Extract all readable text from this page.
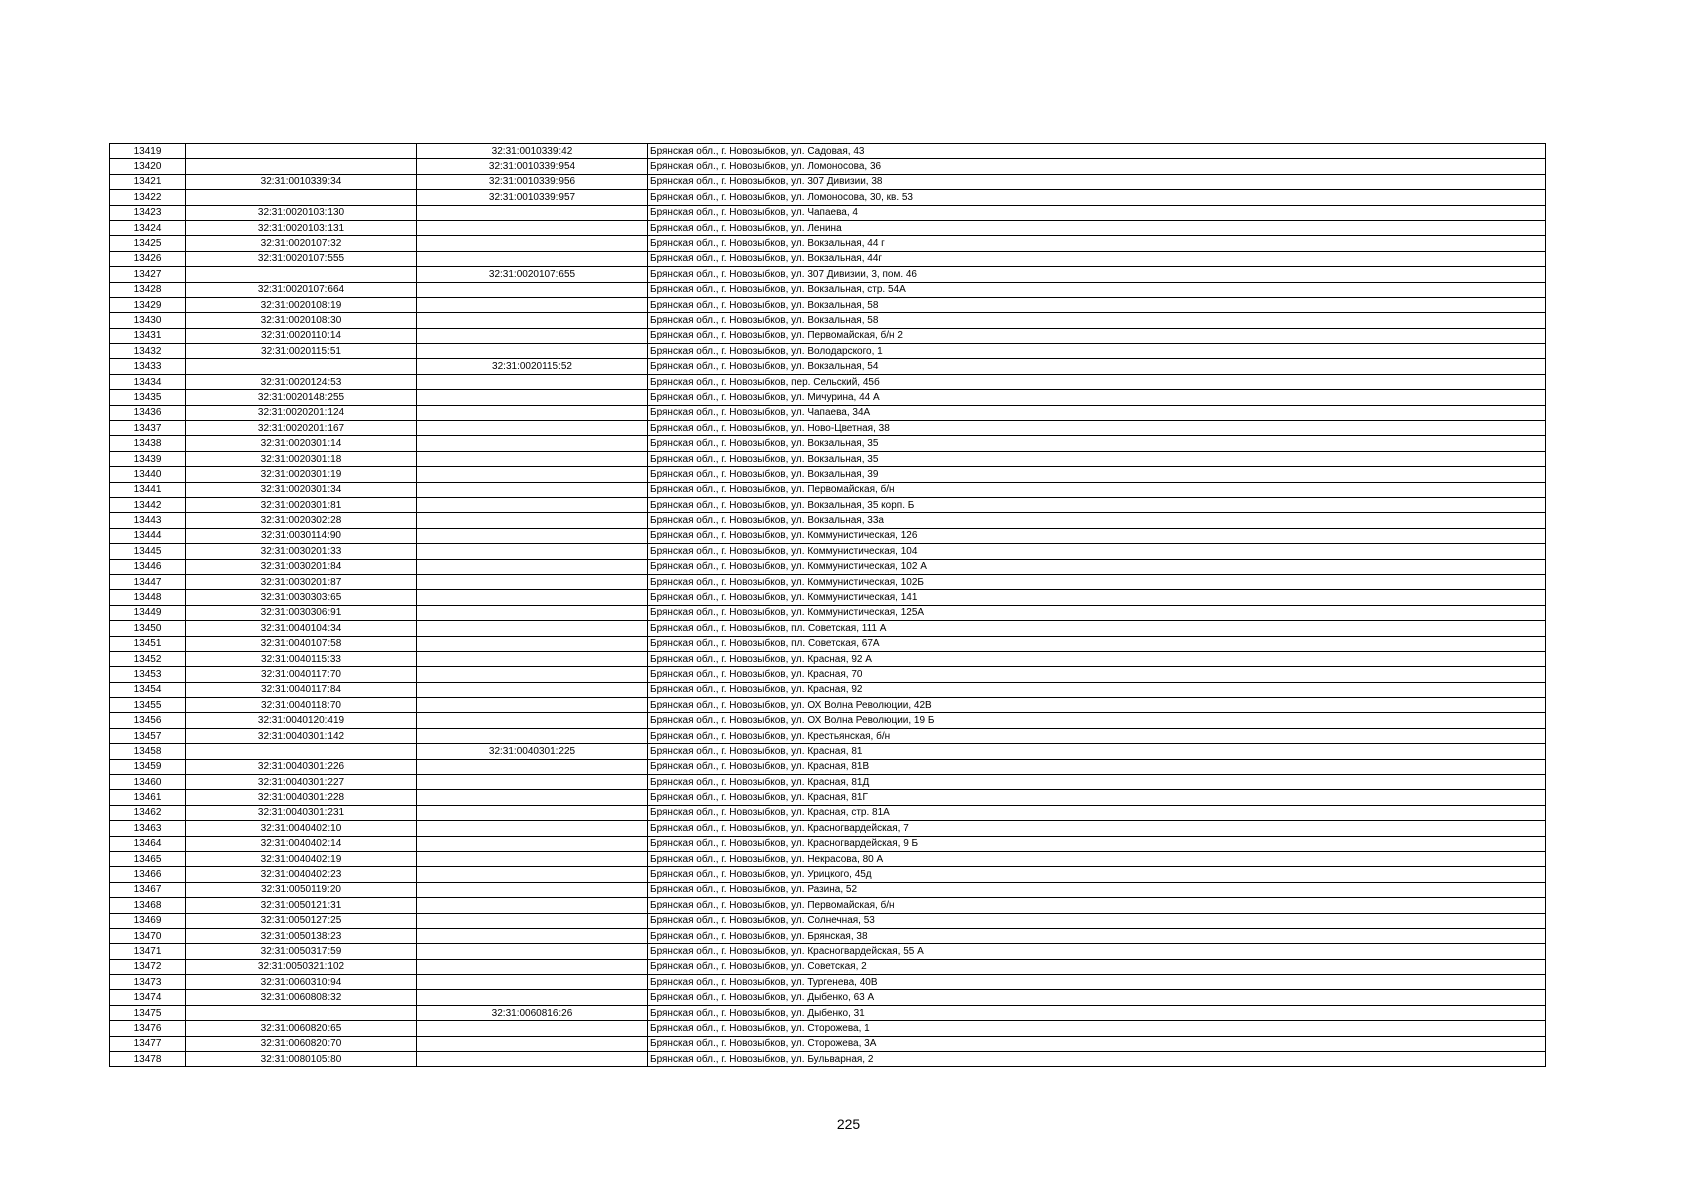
13419		32:31:0010339:42	Брянская обл., г. Новозыбков, ул. Садовая, 43
13420		32:31:0010339:954	Брянская обл., г. Новозыбков, ул. Ломоносова, 36
13421	32:31:0010339:34	32:31:0010339:956	Брянская обл., г. Новозыбков, ул. 307 Дивизии, 38
13422		32:31:0010339:957	Брянская обл., г. Новозыбков, ул. Ломоносова, 30, кв. 53
13423	32:31:0020103:130		Брянская обл., г. Новозыбков, ул. Чапаева, 4
13424	32:31:0020103:131		Брянская обл., г. Новозыбков, ул. Ленина
13425	32:31:0020107:32		Брянская обл., г. Новозыбков, ул. Вокзальная, 44 г
13426	32:31:0020107:555		Брянская обл., г. Новозыбков, ул. Вокзальная, 44г
13427		32:31:0020107:655	Брянская обл., г. Новозыбков, ул. 307 Дивизии, 3, пом. 46
13428	32:31:0020107:664		Брянская обл., г. Новозыбков, ул. Вокзальная, стр. 54А
13429	32:31:0020108:19		Брянская обл., г. Новозыбков, ул. Вокзальная, 58
13430	32:31:0020108:30		Брянская обл., г. Новозыбков, ул. Вокзальная, 58
13431	32:31:0020110:14		Брянская обл., г. Новозыбков, ул. Первомайская, б/н 2
13432	32:31:0020115:51		Брянская обл., г. Новозыбков, ул. Володарского, 1
13433		32:31:0020115:52	Брянская обл., г. Новозыбков, ул. Вокзальная, 54
13434	32:31:0020124:53		Брянская обл., г. Новозыбков, пер. Сельский, 45б
13435	32:31:0020148:255		Брянская обл., г. Новозыбков, ул. Мичурина, 44 А
13436	32:31:0020201:124		Брянская обл., г. Новозыбков, ул. Чапаева, 34А
13437	32:31:0020201:167		Брянская обл., г. Новозыбков, ул. Ново-Цветная, 38
13438	32:31:0020301:14		Брянская обл., г. Новозыбков, ул. Вокзальная, 35
13439	32:31:0020301:18		Брянская обл., г. Новозыбков, ул. Вокзальная, 35
13440	32:31:0020301:19		Брянская обл., г. Новозыбков, ул. Вокзальная, 39
13441	32:31:0020301:34		Брянская обл., г. Новозыбков, ул. Первомайская, б/н
13442	32:31:0020301:81		Брянская обл., г. Новозыбков, ул. Вокзальная, 35 корп. Б
13443	32:31:0020302:28		Брянская обл., г. Новозыбков, ул. Вокзальная, 33а
13444	32:31:0030114:90		Брянская обл., г. Новозыбков, ул. Коммунистическая, 126
13445	32:31:0030201:33		Брянская обл., г. Новозыбков, ул. Коммунистическая, 104
13446	32:31:0030201:84		Брянская обл., г. Новозыбков, ул. Коммунистическая, 102 А
13447	32:31:0030201:87		Брянская обл., г. Новозыбков, ул. Коммунистическая, 102Б
13448	32:31:0030303:65		Брянская обл., г. Новозыбков, ул. Коммунистическая, 141
13449	32:31:0030306:91		Брянская обл., г. Новозыбков, ул. Коммунистическая, 125А
13450	32:31:0040104:34		Брянская обл., г. Новозыбков, пл. Советская, 111 А
13451	32:31:0040107:58		Брянская обл., г. Новозыбков, пл. Советская, 67А
13452	32:31:0040115:33		Брянская обл., г. Новозыбков, ул. Красная, 92 А
13453	32:31:0040117:70		Брянская обл., г. Новозыбков, ул. Красная, 70
13454	32:31:0040117:84		Брянская обл., г. Новозыбков, ул. Красная, 92
13455	32:31:0040118:70		Брянская обл., г. Новозыбков, ул. ОХ Волна Революции, 42В
13456	32:31:0040120:419		Брянская обл., г. Новозыбков, ул. ОХ Волна Революции, 19 Б
13457	32:31:0040301:142		Брянская обл., г. Новозыбков, ул. Крестьянская, б/н
13458		32:31:0040301:225	Брянская обл., г. Новозыбков, ул. Красная, 81
13459	32:31:0040301:226		Брянская обл., г. Новозыбков, ул. Красная, 81В
13460	32:31:0040301:227		Брянская обл., г. Новозыбков, ул. Красная, 81Д
13461	32:31:0040301:228		Брянская обл., г. Новозыбков, ул. Красная, 81Г
13462	32:31:0040301:231		Брянская обл., г. Новозыбков, ул. Красная, стр. 81А
13463	32:31:0040402:10		Брянская обл., г. Новозыбков, ул. Красногвардейская, 7
13464	32:31:0040402:14		Брянская обл., г. Новозыбков, ул. Красногвардейская, 9 Б
13465	32:31:0040402:19		Брянская обл., г. Новозыбков, ул. Некрасова, 80 А
13466	32:31:0040402:23		Брянская обл., г. Новозыбков, ул. Урицкого, 45д
13467	32:31:0050119:20		Брянская обл., г. Новозыбков, ул. Разина, 52
13468	32:31:0050121:31		Брянская обл., г. Новозыбков, ул. Первомайская, б/н
13469	32:31:0050127:25		Брянская обл., г. Новозыбков, ул. Солнечная, 53
13470	32:31:0050138:23		Брянская обл., г. Новозыбков, ул. Брянская, 38
13471	32:31:0050317:59		Брянская обл., г. Новозыбков, ул. Красногвардейская, 55 А
13472	32:31:0050321:102		Брянская обл., г. Новозыбков, ул. Советская, 2
13473	32:31:0060310:94		Брянская обл., г. Новозыбков, ул. Тургенева, 40В
13474	32:31:0060808:32		Брянская обл., г. Новозыбков, ул. Дыбенко, 63 А
13475		32:31:0060816:26	Брянская обл., г. Новозыбков, ул. Дыбенко, 31
13476	32:31:0060820:65		Брянская обл., г. Новозыбков, ул. Сторожева, 1
13477	32:31:0060820:70		Брянская обл., г. Новозыбков, ул. Сторожева, 3А
13478	32:31:0080105:80		Брянская обл., г. Новозыбков, ул. Бульварная, 2
225
